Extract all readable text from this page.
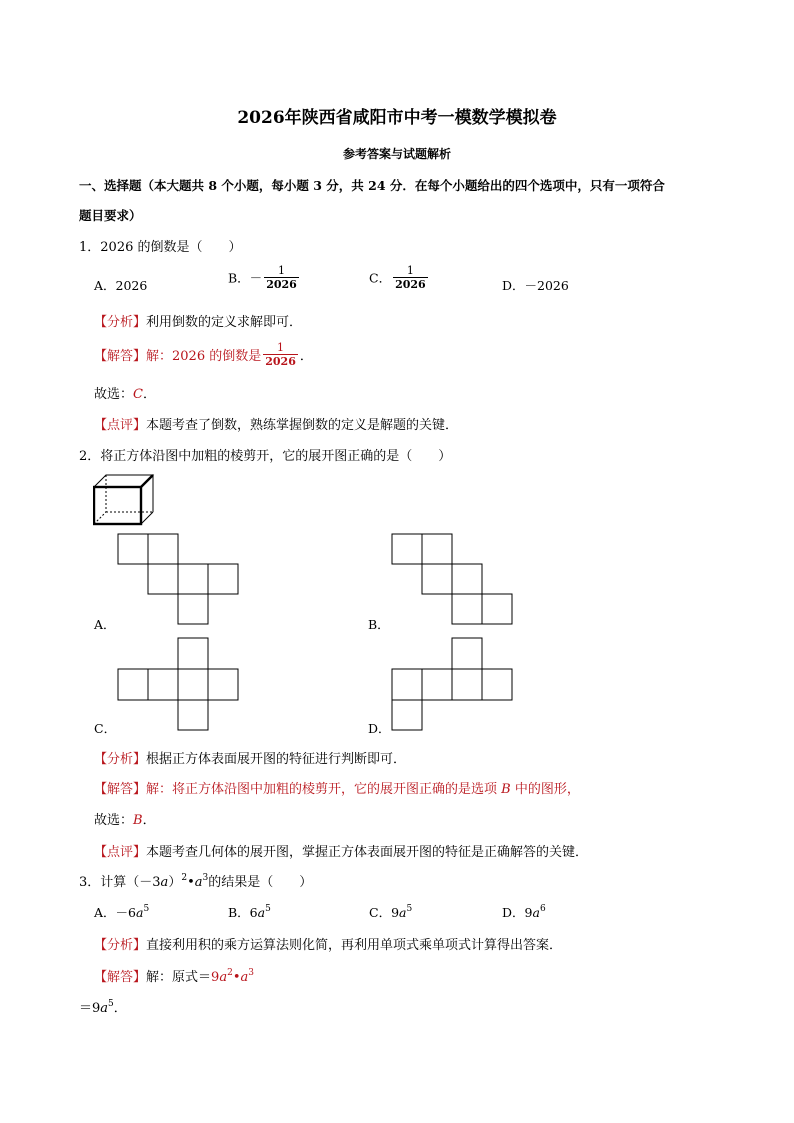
2026年陕西省咸阳市中考一模数学模拟卷
参考答案与试题解析
一、选择题（本大题共 8 个小题，每小题 3 分，共 24 分．在每个小题给出的四个选项中，只有一项符合
题目要求）
1．2026 的倒数是（　　）
A．2026	B．－ $\frac{1}{2026}$	C． $\frac{1}{2026}$	D．－2026
【分析】利用倒数的定义求解即可．
【解答】解：2026 的倒数是 $\frac{1}{2026}$ ．
故选：C．
【点评】本题考查了倒数，熟练掌握倒数的定义是解题的关键．
2．将正方体沿图中加粗的棱剪开，它的展开图正确的是（　　）
A．	B．
C．	D．
【分析】根据正方体表面展开图的特征进行判断即可．
【解答】解：将正方体沿图中加粗的棱剪开，它的展开图正确的是选项 B 中的图形，
故选：B．
【点评】本题考查几何体的展开图，掌握正方体表面展开图的特征是正确解答的关键．
3．计算$(-3a)^2•a^3$的结果是（　　）
A．$-6a^5$	B．$6a^5$	C．$9a^5$	D．$9a^6$
【分析】直接利用积的乘方运算法则化简，再利用单项式乘单项式计算得出答案．
【解答】解：原式$=9a^2•a^3$
$=9a^5$．
